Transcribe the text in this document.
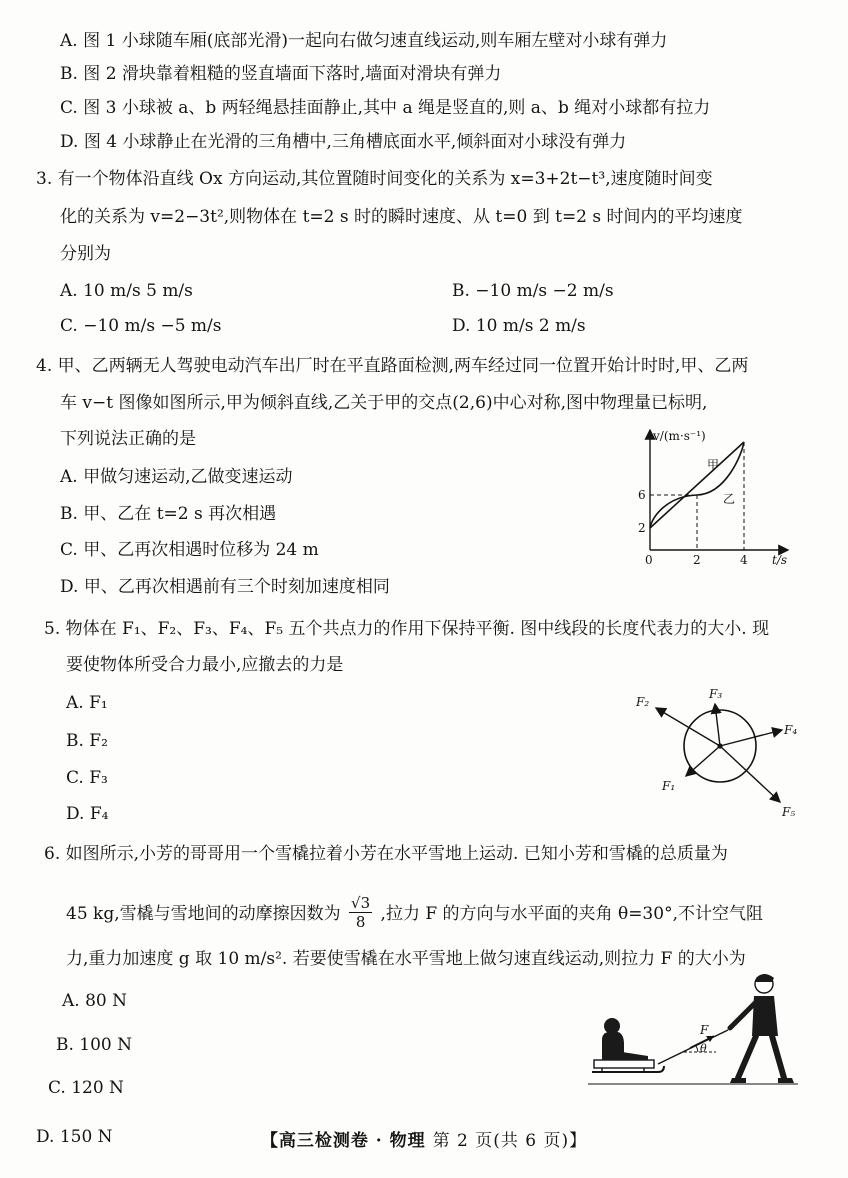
A. 图 1 小球随车厢(底部光滑)一起向右做匀速直线运动,则车厢左壁对小球有弹力
B. 图 2 滑块靠着粗糙的竖直墙面下落时,墙面对滑块有弹力
C. 图 3 小球被 a、b 两轻绳悬挂面静止,其中 a 绳是竖直的,则 a、b 绳对小球都有拉力
D. 图 4 小球静止在光滑的三角槽中,三角槽底面水平,倾斜面对小球没有弹力
3. 有一个物体沿直线 Ox 方向运动,其位置随时间变化的关系为 x=3+2t−t³,速度随时间变
化的关系为 v=2−3t²,则物体在 t=2 s 时的瞬时速度、从 t=0 到 t=2 s 时间内的平均速度
分别为
A. 10 m/s 5 m/s	B. −10 m/s −2 m/s
C. −10 m/s −5 m/s	D. 10 m/s 2 m/s
4. 甲、乙两辆无人驾驶电动汽车出厂时在平直路面检测,两车经过同一位置开始计时时,甲、乙两
车 v−t 图像如图所示,甲为倾斜直线,乙关于甲的交点(2,6)中心对称,图中物理量已标明,
下列说法正确的是
A. 甲做匀速运动,乙做变速运动
B. 甲、乙在 t=2 s 再次相遇
C. 甲、乙再次相遇时位移为 24 m
D. 甲、乙再次相遇前有三个时刻加速度相同
v/(m·s⁻¹)
t/s
0	2	4
2
6
甲
乙
5. 物体在 F₁、F₂、F₃、F₄、F₅ 五个共点力的作用下保持平衡. 图中线段的长度代表力的大小. 现
要使物体所受合力最小,应撤去的力是
A. F₁
B. F₂
C. F₃
D. F₄
F₁
F₂
F₃
F₄
F₅
6. 如图所示,小芳的哥哥用一个雪橇拉着小芳在水平雪地上运动. 已知小芳和雪橇的总质量为
45 kg,雪橇与雪地间的动摩擦因数为 $\frac{√3}{8}$ ,拉力 F 的方向与水平面的夹角 θ=30°,不计空气阻
力,重力加速度 g 取 10 m/s². 若要使雪橇在水平雪地上做匀速直线运动,则拉力 F 的大小为
A. 80 N
B. 100 N
C. 120 N
D. 150 N
F
θ
【高三检测卷 · 物理 第 2 页(共 6 页)】
